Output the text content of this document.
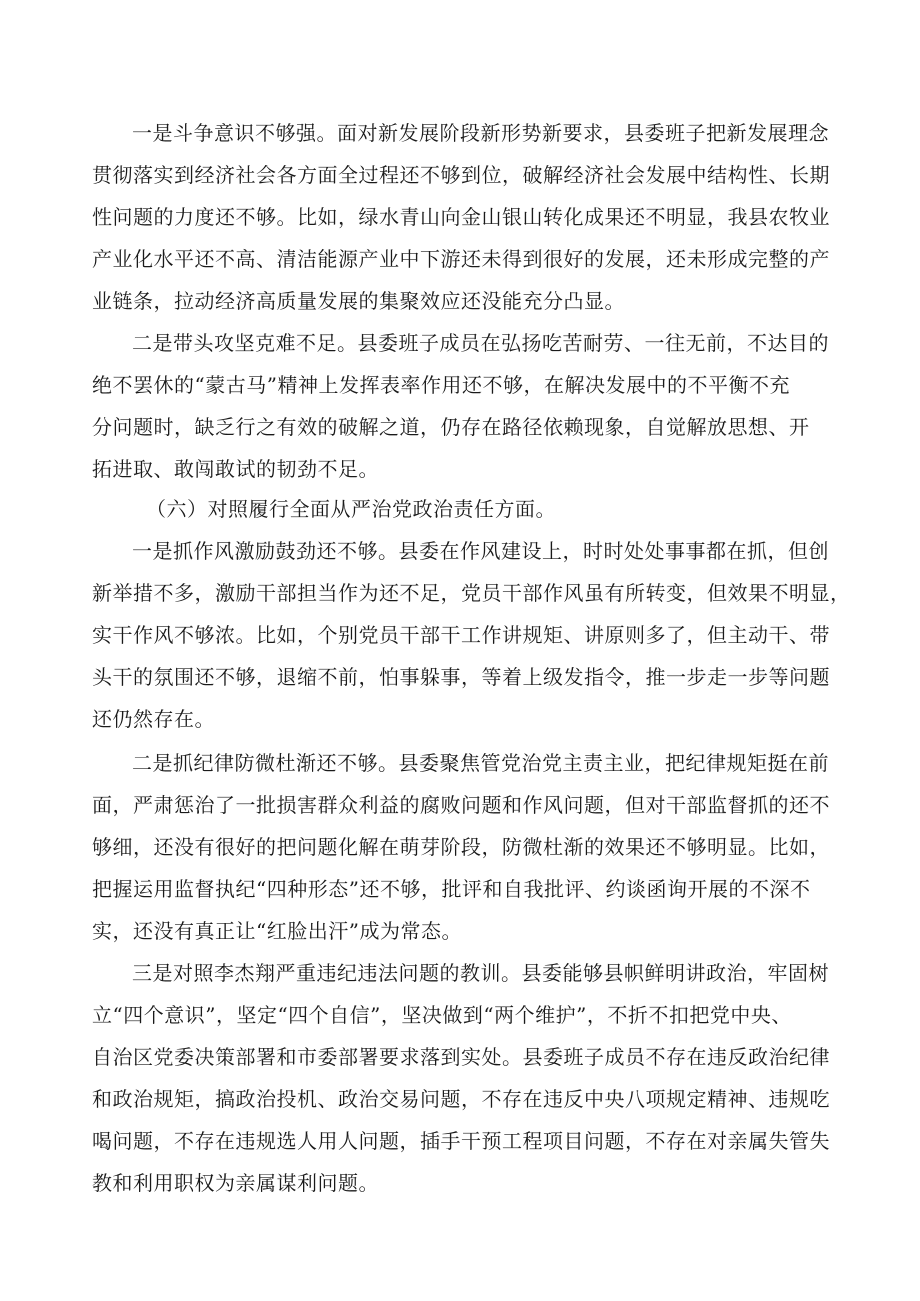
一是斗争意识不够强。面对新发展阶段新形势新要求，县委班子把新发展理念
贯彻落实到经济社会各方面全过程还不够到位，破解经济社会发展中结构性、长期
性问题的力度还不够。比如，绿水青山向金山银山转化成果还不明显，我县农牧业
产业化水平还不高、清洁能源产业中下游还未得到很好的发展，还未形成完整的产
业链条，拉动经济高质量发展的集聚效应还没能充分凸显。
二是带头攻坚克难不足。县委班子成员在弘扬吃苦耐劳、一往无前，不达目的
绝不罢休的“蒙古马”精神上发挥表率作用还不够，在解决发展中的不平衡不充
分问题时，缺乏行之有效的破解之道，仍存在路径依赖现象，自觉解放思想、开
拓进取、敢闯敢试的韧劲不足。
（六）对照履行全面从严治党政治责任方面。
一是抓作风激励鼓劲还不够。县委在作风建设上，时时处处事事都在抓，但创
新举措不多，激励干部担当作为还不足，党员干部作风虽有所转变，但效果不明显，
实干作风不够浓。比如，个别党员干部干工作讲规矩、讲原则多了，但主动干、带
头干的氛围还不够，退缩不前，怕事躲事，等着上级发指令，推一步走一步等问题
还仍然存在。
二是抓纪律防微杜渐还不够。县委聚焦管党治党主责主业，把纪律规矩挺在前
面，严肃惩治了一批损害群众利益的腐败问题和作风问题，但对干部监督抓的还不
够细，还没有很好的把问题化解在萌芽阶段，防微杜渐的效果还不够明显。比如，
把握运用监督执纪“四种形态”还不够，批评和自我批评、约谈函询开展的不深不
实，还没有真正让“红脸出汗”成为常态。
三是对照李杰翔严重违纪违法问题的教训。县委能够县帜鲜明讲政治，牢固树
立“四个意识”，坚定“四个自信”，坚决做到“两个维护”，不折不扣把党中央、
自治区党委决策部署和市委部署要求落到实处。县委班子成员不存在违反政治纪律
和政治规矩，搞政治投机、政治交易问题，不存在违反中央八项规定精神、违规吃
喝问题，不存在违规选人用人问题，插手干预工程项目问题，不存在对亲属失管失
教和利用职权为亲属谋利问题。
